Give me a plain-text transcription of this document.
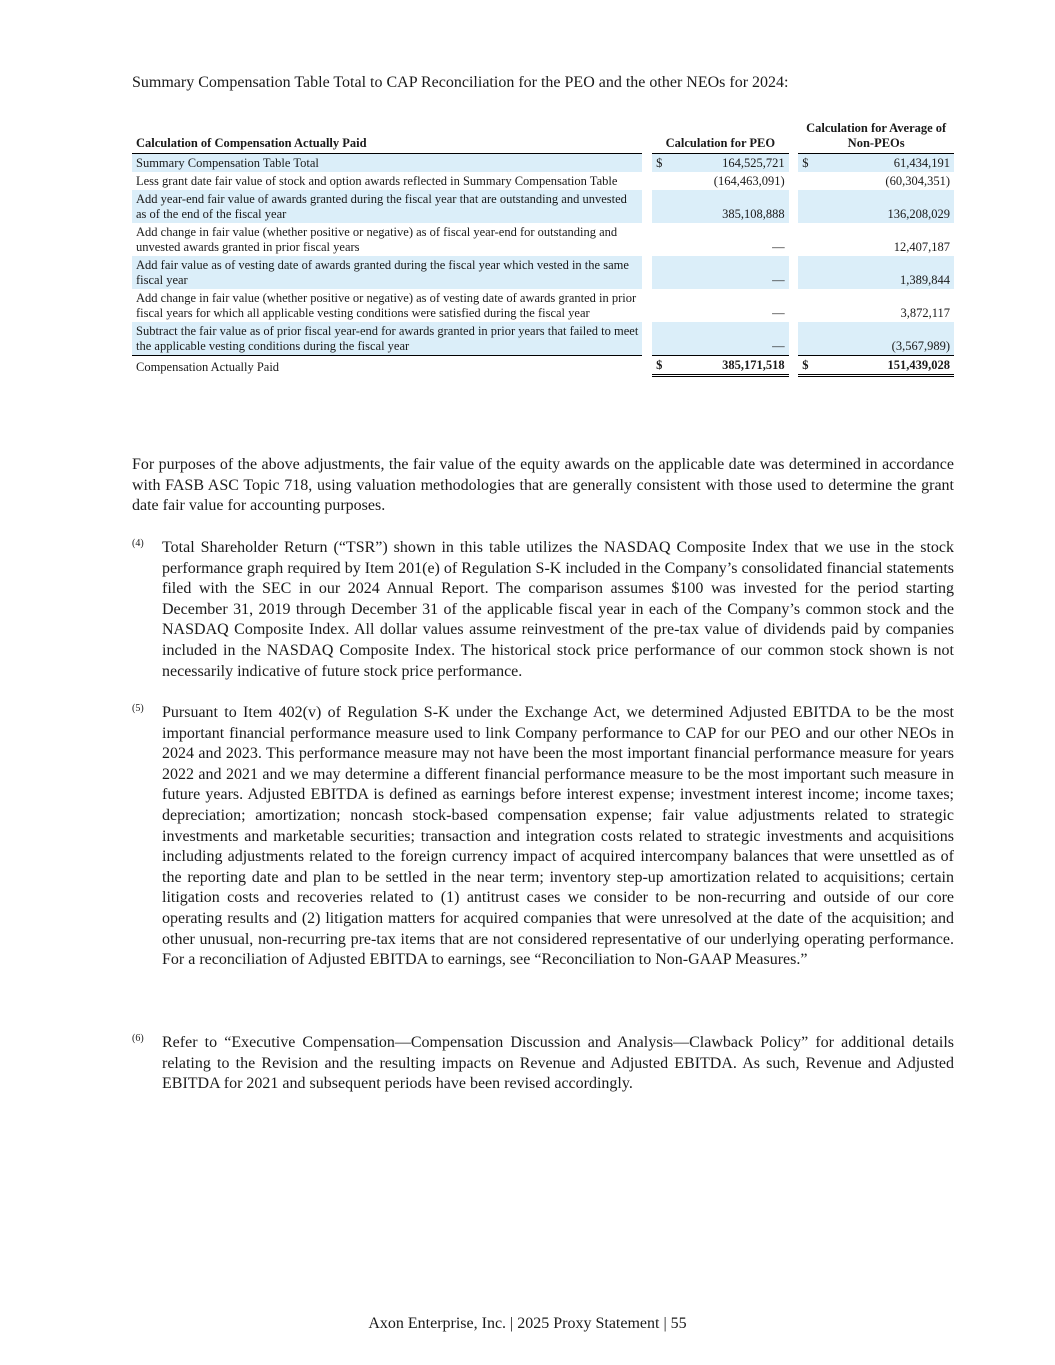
Summary Compensation Table Total to CAP Reconciliation for the PEO and the other NEOs for 2024:
Calculation of Compensation Actually Paid		Calculation for PEO			Calculation for Average of Non-PEOs	
Summary Compensation Table Total		$	164,525,721		$	61,434,191
Less grant date fair value of stock and option awards reflected in Summary Compensation Table			(164,463,091)			(60,304,351)
Add year-end fair value of awards granted during the fiscal year that are outstanding and unvested as of the end of the fiscal year			385,108,888			136,208,029
Add change in fair value (whether positive or negative) as of fiscal year-end for outstanding and unvested awards granted in prior fiscal years			—			12,407,187
Add fair value as of vesting date of awards granted during the fiscal year which vested in the same fiscal year			—			1,389,844
Add change in fair value (whether positive or negative) as of vesting date of awards granted in prior fiscal years for which all applicable vesting conditions were satisfied during the fiscal year			—			3,872,117
Subtract the fair value as of prior fiscal year-end for awards granted in prior years that failed to meet the applicable vesting conditions during the fiscal year			—			(3,567,989)
Compensation Actually Paid		$	385,171,518		$	151,439,028
For purposes of the above adjustments, the fair value of the equity awards on the applicable date was determined in accordance with FASB ASC Topic 718, using valuation methodologies that are generally consistent with those used to determine the grant date fair value for accounting purposes.
(4) Total Shareholder Return (“TSR”) shown in this table utilizes the NASDAQ Composite Index that we use in the stock performance graph required by Item 201(e) of Regulation S-K included in the Company’s consolidated financial statements filed with the SEC in our 2024 Annual Report. The comparison assumes $100 was invested for the period starting December 31, 2019 through December 31 of the applicable fiscal year in each of the Company’s common stock and the NASDAQ Composite Index. All dollar values assume reinvestment of the pre-tax value of dividends paid by companies included in the NASDAQ Composite Index. The historical stock price performance of our common stock shown is not necessarily indicative of future stock price performance.
(5) Pursuant to Item 402(v) of Regulation S-K under the Exchange Act, we determined Adjusted EBITDA to be the most important financial performance measure used to link Company performance to CAP for our PEO and our other NEOs in 2024 and 2023. This performance measure may not have been the most important financial performance measure for years 2022 and 2021 and we may determine a different financial performance measure to be the most important such measure in future years. Adjusted EBITDA is defined as earnings before interest expense; investment interest income; income taxes; depreciation; amortization; noncash stock-based compensation expense; fair value adjustments related to strategic investments and marketable securities; transaction and integration costs related to strategic investments and acquisitions including adjustments related to the foreign currency impact of acquired intercompany balances that were unsettled as of the reporting date and plan to be settled in the near term; inventory step-up amortization related to acquisitions; certain litigation costs and recoveries related to (1) antitrust cases we consider to be non-recurring and outside of our core operating results and (2) litigation matters for acquired companies that were unresolved at the date of the acquisition; and other unusual, non-recurring pre-tax items that are not considered representative of our underlying operating performance. For a reconciliation of Adjusted EBITDA to earnings, see “Reconciliation to Non-GAAP Measures.”
(6) Refer to “Executive Compensation—Compensation Discussion and Analysis—Clawback Policy” for additional details relating to the Revision and the resulting impacts on Revenue and Adjusted EBITDA. As such, Revenue and Adjusted EBITDA for 2021 and subsequent periods have been revised accordingly.
Axon Enterprise, Inc. | 2025 Proxy Statement | 55
